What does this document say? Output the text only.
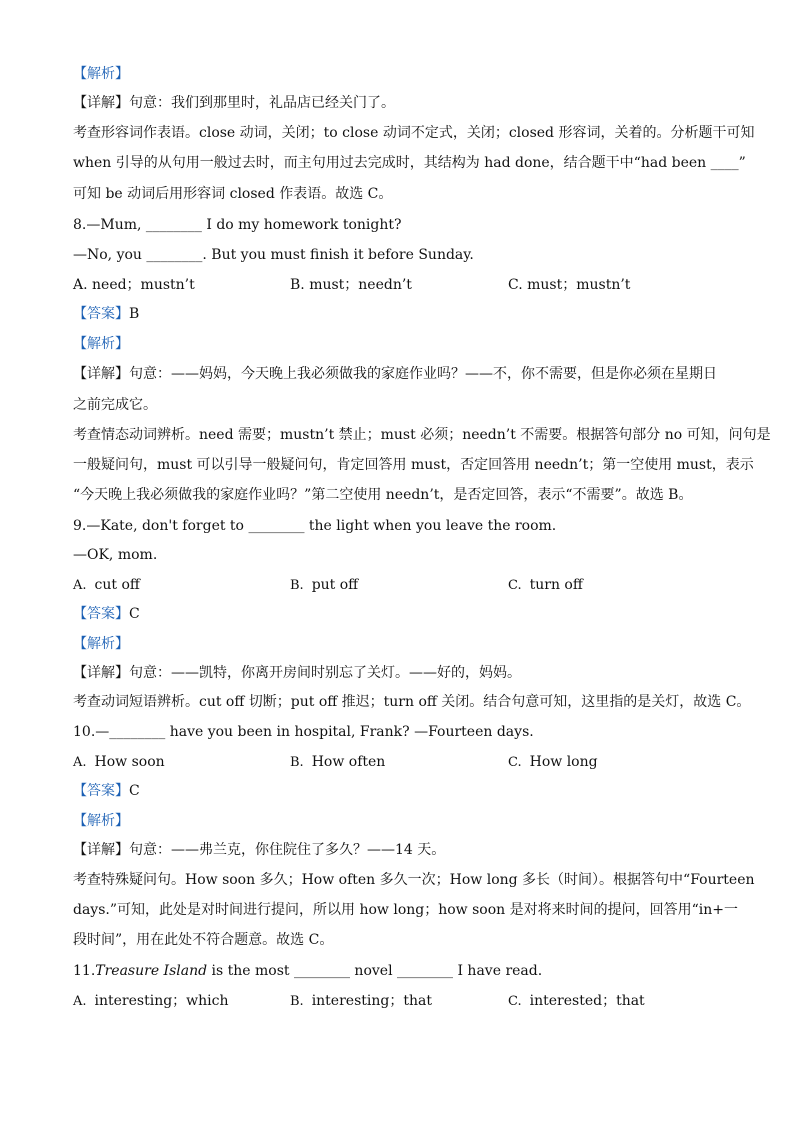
【解析】
【详解】句意：我们到那里时，礼品店已经关门了。
考查形容词作表语。close 动词，关闭；to close 动词不定式，关闭；closed 形容词，关着的。分析题干可知
when 引导的从句用一般过去时，而主句用过去完成时，其结构为 had done，结合题干中“had been ____”
可知 be 动词后用形容词 closed 作表语。故选 C。
8.—Mum, ________ I do my homework tonight?
—No, you ________. But you must finish it before Sunday.
A. need；mustn’t	B. must；needn’t	C. must；mustn’t
【答案】B
【解析】
【详解】句意：——妈妈，今天晚上我必须做我的家庭作业吗？——不，你不需要，但是你必须在星期日
之前完成它。
考查情态动词辨析。need 需要；mustn’t 禁止；must 必须；needn’t 不需要。根据答句部分 no 可知，问句是
一般疑问句，must 可以引导一般疑问句，肯定回答用 must，否定回答用 needn’t；第一空使用 must，表示
“今天晚上我必须做我的家庭作业吗？”第二空使用 needn’t，是否定回答，表示“不需要”。故选 B。
9.—Kate, don't forget to ________ the light when you leave the room.
—OK, mom.
A. cut off	B. put off	C. turn off
【答案】C
【解析】
【详解】句意：——凯特，你离开房间时别忘了关灯。——好的，妈妈。
考查动词短语辨析。cut off 切断；put off 推迟；turn off 关闭。结合句意可知，这里指的是关灯，故选 C。
10.—________ have you been in hospital, Frank? —Fourteen days.
A. How soon	B. How often	C. How long
【答案】C
【解析】
【详解】句意：——弗兰克，你住院住了多久？——14 天。
考查特殊疑问句。How soon 多久；How often 多久一次；How long 多长（时间）。根据答句中“Fourteen
days.”可知，此处是对时间进行提问，所以用 how long；how soon 是对将来时间的提问，回答用“in+一
段时间”，用在此处不符合题意。故选 C。
11.Treasure Island is the most ________ novel ________ I have read.
A. interesting；which	B. interesting；that	C. interested；that
